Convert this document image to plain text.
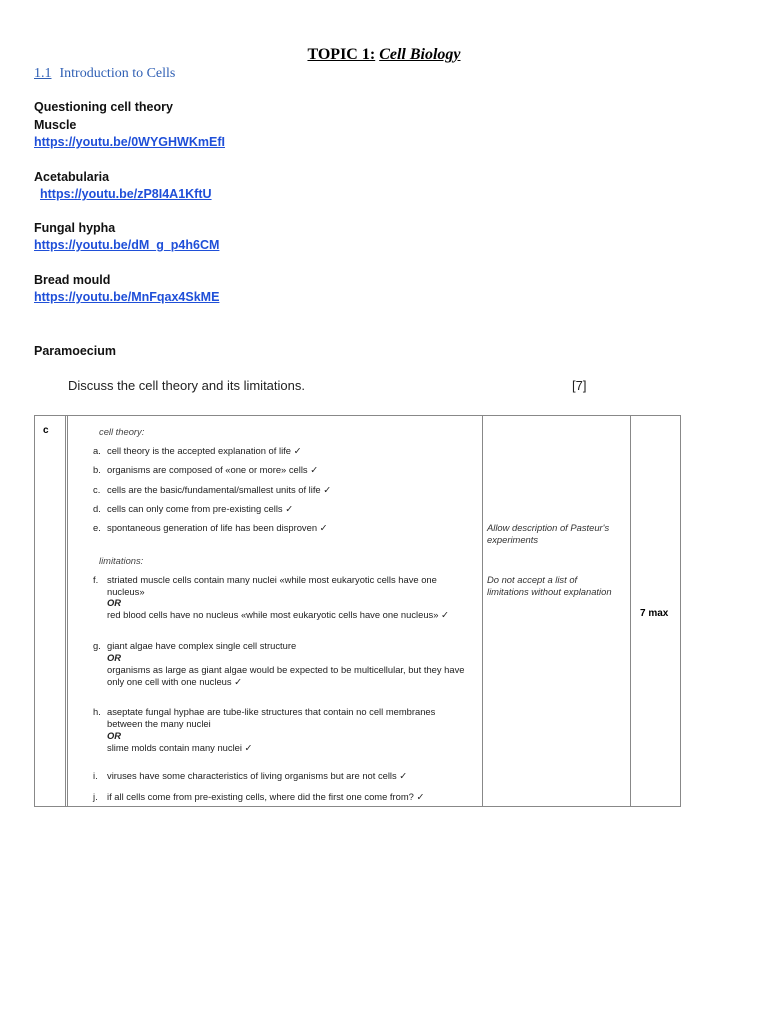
TOPIC 1: Cell Biology
1.1 Introduction to Cells
Questioning cell theory
Muscle
https://youtu.be/0WYGHWKmEfI
Acetabularia
https://youtu.be/zP8I4A1KftU
Fungal hypha
https://youtu.be/dM_g_p4h6CM
Bread mould
https://youtu.be/MnFqax4SkME
Paramoecium
Discuss the cell theory and its limitations.	[7]
c	cell theory:
a. cell theory is the accepted explanation of life ✓
b. organisms are composed of «one or more» cells ✓
c. cells are the basic/fundamental/smallest units of life ✓
d. cells can only come from pre-existing cells ✓
e. spontaneous generation of life has been disproven ✓
limitations:
f. striated muscle cells contain many nuclei «while most eukaryotic cells have one
nucleus»
OR
red blood cells have no nucleus «while most eukaryotic cells have one nucleus» ✓
g. giant algae have complex single cell structure
OR
organisms as large as giant algae would be expected to be multicellular, but they have
only one cell with one nucleus ✓
h. aseptate fungal hyphae are tube-like structures that contain no cell membranes
between the many nuclei
OR
slime molds contain many nuclei ✓
i. viruses have some characteristics of living organisms but are not cells ✓
j. if all cells come from pre-existing cells, where did the first one come from? ✓
Allow description of Pasteur's
experiments
Do not accept a list of
limitations without explanation
7 max
